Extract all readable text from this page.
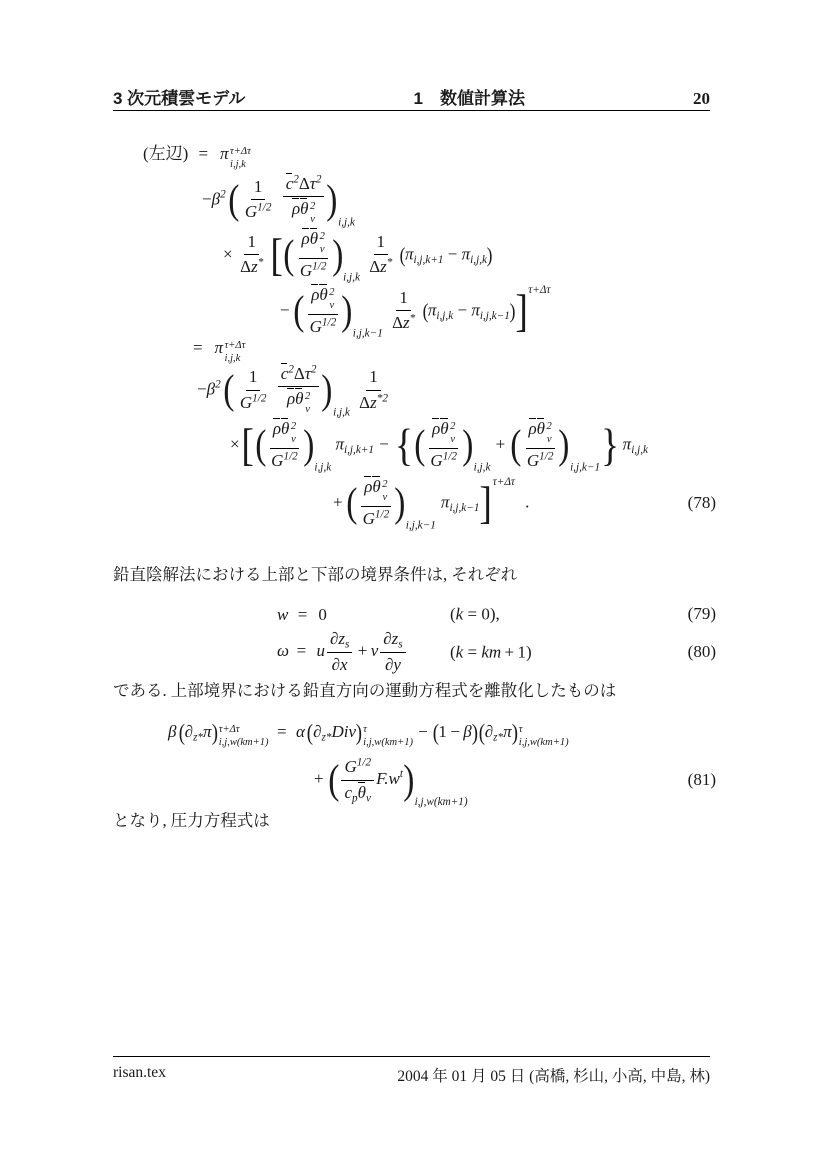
3 次元積雲モデル	1　数値計算法	20
(左辺) = π τ+Δτ
i,j,k
$-\beta^2( \frac{1}{G^{1/2}} c^2\Delta\tau^2$
ρθ 2
v )$_{i,j,k}$
× $\frac{1}{\Delta z^*}$ [( ρθ 2
v
$G^{1/2}$ )$_{i,j,k} \frac{1}{\Delta z^*} (\pi i,j,k+1 - \pi i,j,k)$
−( ρθ 2
v
$G^{1/2}$ )$_{i,j,k-1} \frac{1}{\Delta z^*} (\pi i,j,k - \pi i,j,k-1)]^{\tau+\Delta\tau}$
= π τ+Δτ
i,j,k
$-\beta^2( \frac{1}{G^{1/2}} c^2\Delta\tau^2$
ρθ 2
v )$_{i,j,k} \frac{1}{\Delta z^{*2}}$
×[( ρθ 2
v
$G^{1/2}$ )$_{i,j,k}\pi i,j,k+1$ − {( ρθ 2
v
$G^{1/2}$ )$_{i,j,k}+$ ( ρθ 2
v
$G^{1/2}$ )$_{i,j,k-1}$} πi,j,k
+( ρθ 2
v
$G^{1/2}$ )$_{i,j,k-1}\pi i,j,k-1]^{\tau+\Delta\tau}$.	(78)

鉛直陰解法における上部と下部の境界条件は, それぞれ

w = 0	(k = 0),	(79)
ω = u $\frac{\partial zs}{\partial x} + v \frac{\partial zs}{\partial y}$	(k = km + 1)	(80)

である. 上部境界における鉛直方向の運動方程式を離散化したものは

β(∂z*π) τ+Δτ
i,j,w(km+1)
= α(∂z*Div) τ
i,j,w(km+1)
− (1 − β)(∂z*π) τ
i,j,w(km+1)
+ ( $G^{1/2}$
cpθv
$F.w^t)_{i,j,w(km+1)}$
(81)

となり, 圧力方程式は

risan.tex	2004 年 01 月 05 日 (高橋, 杉山, 小高, 中島, 林)
